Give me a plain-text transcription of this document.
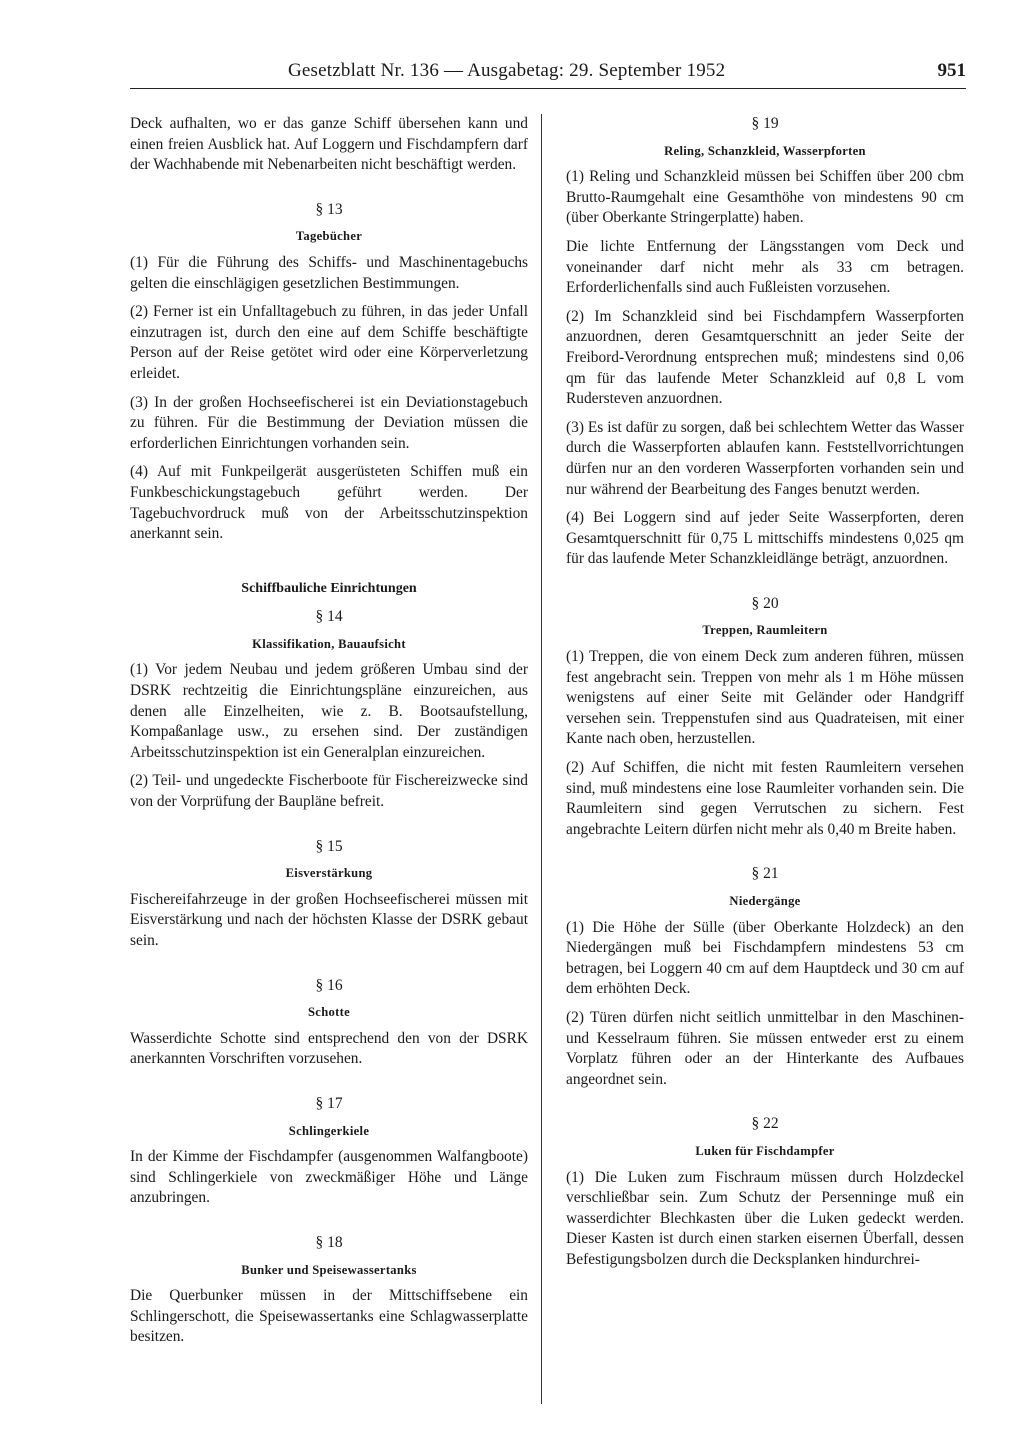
Gesetzblatt Nr. 136 — Ausgabetag: 29. September 1952	951

Deck aufhalten, wo er das ganze Schiff übersehen kann und einen freien Ausblick hat. Auf Loggern und Fischdampfern darf der Wachhabende mit Nebenarbeiten nicht beschäftigt werden.

§ 13
Tagebücher

(1) Für die Führung des Schiffs- und Maschinentagebuchs gelten die einschlägigen gesetzlichen Bestimmungen.

(2) Ferner ist ein Unfalltagebuch zu führen, in das jeder Unfall einzutragen ist, durch den eine auf dem Schiffe beschäftigte Person auf der Reise getötet wird oder eine Körperverletzung erleidet.

(3) In der großen Hochseefischerei ist ein Deviationstagebuch zu führen. Für die Bestimmung der Deviation müssen die erforderlichen Einrichtungen vorhanden sein.

(4) Auf mit Funkpeilgerät ausgerüsteten Schiffen muß ein Funkbeschickungstagebuch geführt werden. Der Tagebuchvordruck muß von der Arbeitsschutzinspektion anerkannt sein.

Schiffbauliche Einrichtungen
§ 14
Klassifikation, Bauaufsicht

(1) Vor jedem Neubau und jedem größeren Umbau sind der DSRK rechtzeitig die Einrichtungspläne einzureichen, aus denen alle Einzelheiten, wie z. B. Bootsaufstellung, Kompaßanlage usw., zu ersehen sind. Der zuständigen Arbeitsschutzinspektion ist ein Generalplan einzureichen.

(2) Teil- und ungedeckte Fischerboote für Fischereizwecke sind von der Vorprüfung der Baupläne befreit.

§ 15
Eisverstärkung

Fischereifahrzeuge in der großen Hochseefischerei müssen mit Eisverstärkung und nach der höchsten Klasse der DSRK gebaut sein.

§ 16
Schotte

Wasserdichte Schotte sind entsprechend den von der DSRK anerkannten Vorschriften vorzusehen.

§ 17
Schlingerkiele

In der Kimme der Fischdampfer (ausgenommen Walfangboote) sind Schlingerkiele von zweckmäßiger Höhe und Länge anzubringen.

§ 18
Bunker und Speisewassertanks

Die Querbunker müssen in der Mittschiffsebene ein Schlingerschott, die Speisewassertanks eine Schlagwasserplatte besitzen.

§ 19
Reling, Schanzkleid, Wasserpforten

(1) Reling und Schanzkleid müssen bei Schiffen über 200 cbm Brutto-Raumgehalt eine Gesamthöhe von mindestens 90 cm (über Oberkante Stringerplatte) haben.

Die lichte Entfernung der Längsstangen vom Deck und voneinander darf nicht mehr als 33 cm betragen. Erforderlichenfalls sind auch Fußleisten vorzusehen.

(2) Im Schanzkleid sind bei Fischdampfern Wasserpforten anzuordnen, deren Gesamtquerschnitt an jeder Seite der Freibord-Verordnung entsprechen muß; mindestens sind 0,06 qm für das laufende Meter Schanzkleid auf 0,8 L vom Rudersteven anzuordnen.

(3) Es ist dafür zu sorgen, daß bei schlechtem Wetter das Wasser durch die Wasserpforten ablaufen kann. Feststellvorrichtungen dürfen nur an den vorderen Wasserpforten vorhanden sein und nur während der Bearbeitung des Fanges benutzt werden.

(4) Bei Loggern sind auf jeder Seite Wasserpforten, deren Gesamtquerschnitt für 0,75 L mittschiffs mindestens 0,025 qm für das laufende Meter Schanzkleidlänge beträgt, anzuordnen.

§ 20
Treppen, Raumleitern

(1) Treppen, die von einem Deck zum anderen führen, müssen fest angebracht sein. Treppen von mehr als 1 m Höhe müssen wenigstens auf einer Seite mit Geländer oder Handgriff versehen sein. Treppenstufen sind aus Quadrateisen, mit einer Kante nach oben, herzustellen.

(2) Auf Schiffen, die nicht mit festen Raumleitern versehen sind, muß mindestens eine lose Raumleiter vorhanden sein. Die Raumleitern sind gegen Verrutschen zu sichern. Fest angebrachte Leitern dürfen nicht mehr als 0,40 m Breite haben.

§ 21
Niedergänge

(1) Die Höhe der Sülle (über Oberkante Holzdeck) an den Niedergängen muß bei Fischdampfern mindestens 53 cm betragen, bei Loggern 40 cm auf dem Hauptdeck und 30 cm auf dem erhöhten Deck.

(2) Türen dürfen nicht seitlich unmittelbar in den Maschinen- und Kesselraum führen. Sie müssen entweder erst zu einem Vorplatz führen oder an der Hinterkante des Aufbaues angeordnet sein.

§ 22
Luken für Fischdampfer

(1) Die Luken zum Fischraum müssen durch Holzdeckel verschließbar sein. Zum Schutz der Persenninge muß ein wasserdichter Blechkasten über die Luken gedeckt werden. Dieser Kasten ist durch einen starken eisernen Überfall, dessen Befestigungsbolzen durch die Decksplanken hindurchrei-
